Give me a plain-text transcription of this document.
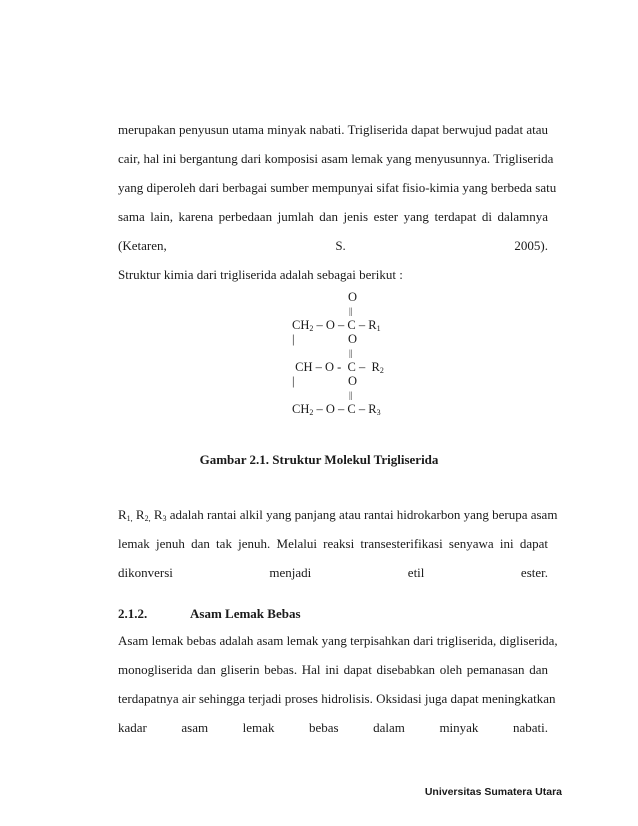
merupakan penyusun utama minyak nabati. Trigliserida dapat berwujud padat atau
cair, hal ini bergantung dari komposisi asam lemak yang menyusunnya. Trigliserida
yang diperoleh dari berbagai sumber mempunyai sifat fisio-kimia yang berbeda satu
sama lain, karena perbedaan jumlah dan jenis ester yang terdapat di dalamnya
(Ketaren, S. 2005).
Struktur kimia dari trigliserida adalah sebagai berikut :
O
||
$CH_2$ – O – C – $R_1$
|	O
||
CH – O -  C –  $R_2$
|	O
||
$CH_2$ – O – C – $R_3$
Gambar 2.1. Struktur Molekul Trigliserida
$R_{1,}$ $R_{2,}$ $R_3$ adalah rantai alkil yang panjang atau rantai hidrokarbon yang berupa asam
lemak jenuh dan tak jenuh. Melalui reaksi transesterifikasi senyawa ini dapat
dikonversi menjadi etil ester.
2.1.2.	Asam Lemak Bebas
Asam lemak bebas adalah asam lemak yang terpisahkan dari trigliserida, digliserida,
monogliserida dan gliserin bebas. Hal ini dapat disebabkan oleh pemanasan dan
terdapatnya air sehingga terjadi proses hidrolisis. Oksidasi juga dapat meningkatkan
kadar asam lemak bebas dalam minyak nabati.
Universitas Sumatera Utara
